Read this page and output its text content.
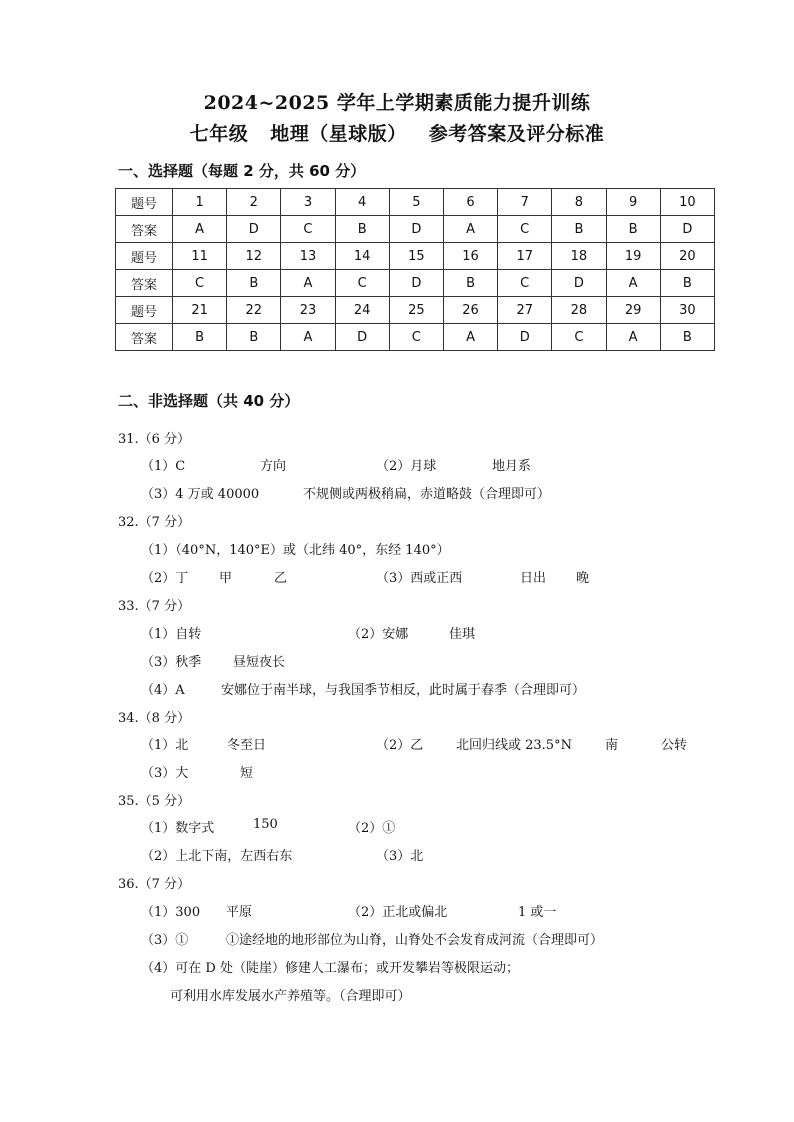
2024~2025 学年上学期素质能力提升训练
七年级 地理（星球版） 参考答案及评分标准
一、选择题（每题 2 分，共 60 分）
题号	1	2	3	4	5	6	7	8	9	10
答案	A	D	C	B	D	A	C	B	B	D
题号	11	12	13	14	15	16	17	18	19	20
答案	C	B	A	C	D	B	C	D	A	B
题号	21	22	23	24	25	26	27	28	29	30
答案	B	B	A	D	C	A	D	C	A	B
二、非选择题（共 40 分）
31.（6 分）
（1）C	方向	（2）月球	地月系
（3）4 万或 40000	不规侧或两极稍扁，赤道略鼓（合理即可）
32.（7 分）
（1）（40°N，140°E）或（北纬 40°，东经 140°）
（2）丁 甲	乙	（3）西或正西	日出 晚
33.（7 分）
（1）自转	（2）安娜	佳琪
（3）秋季 昼短夜长
（4）A	安娜位于南半球，与我国季节相反，此时属于春季（合理即可）
34.（8 分）
（1）北	冬至日	（2）乙	北回归线或 23.5°N	南	公转
（3）大	短
35.（5 分）
（1）数字式	150	（2）①
（2）上北下南，左西右东	（3）北
36.（7 分）
（1）300 平原	（2）正北或偏北	1 或一
（3）①	①途经地的地形部位为山脊，山脊处不会发育成河流（合理即可）
（4）可在 D 处（陡崖）修建人工瀑布；或开发攀岩等极限运动；
可利用水库发展水产养殖等。（合理即可）
